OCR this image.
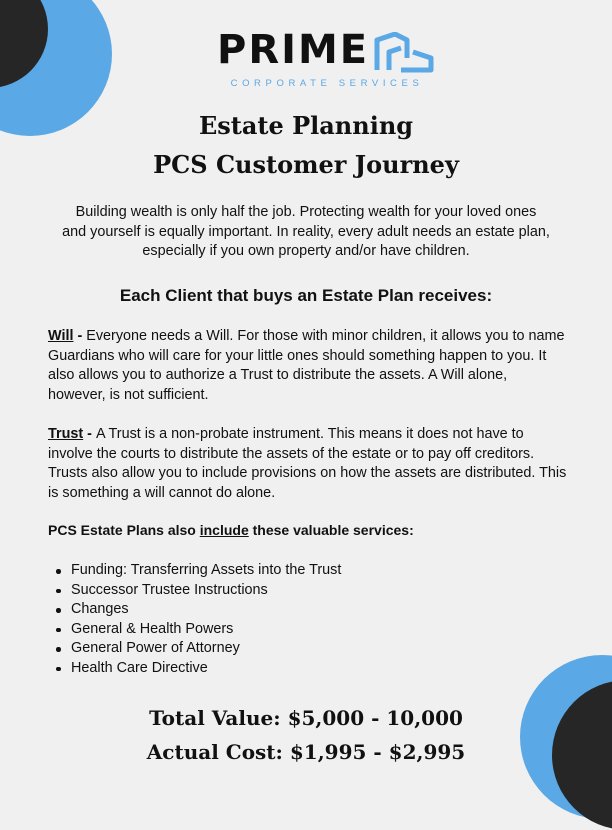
PRIME
CORPORATE SERVICES
Estate Planning
PCS Customer Journey
Building wealth is only half the job. Protecting wealth for your loved ones and yourself is equally important. In reality, every adult needs an estate plan, especially if you own property and/or have children.
Each Client that buys an Estate Plan receives:
Will - Everyone needs a Will. For those with minor children, it allows you to name Guardians who will care for your little ones should something happen to you. It also allows you to authorize a Trust to distribute the assets. A Will alone, however, is not sufficient.
Trust - A Trust is a non-probate instrument. This means it does not have to involve the courts to distribute the assets of the estate or to pay off creditors. Trusts also allow you to include provisions on how the assets are distributed. This is something a will cannot do alone.
PCS Estate Plans also include these valuable services:
Funding: Transferring Assets into the Trust
Successor Trustee Instructions
Changes
General & Health Powers
General Power of Attorney
Health Care Directive
Total Value: $5,000 - 10,000
Actual Cost: $1,995 - $2,995
